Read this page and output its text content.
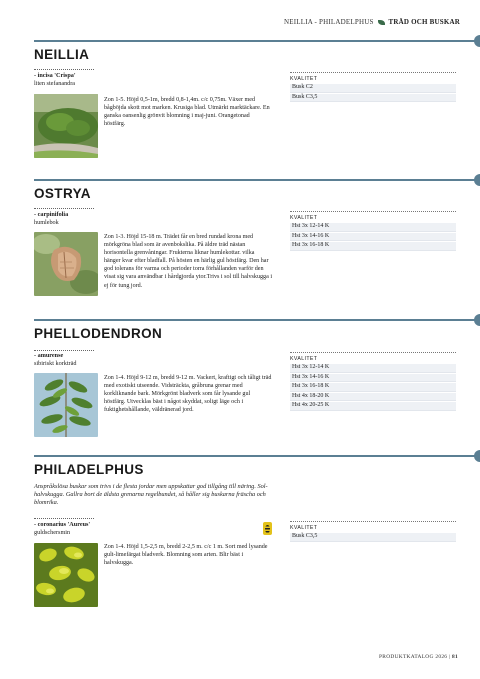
NEILLIA - PHILADELPHUS TRÄD OCH BUSKAR
NEILLIA
- incisa 'Crispa'
liten stefanandra
Zon 1-5. Höjd 0,5-1m, bredd 0,8-1,4m. c/c 0,75m. Växer med bågböjda skott mot marken. Krusiga blad. Utmärkt marktäckare. En ganska oansenlig grönvit blomning i maj-juni. Orangetonad höstfärg.
KVALITET
Busk C2
Busk C3,5
OSTRYA
- carpinifolia
humlebok
Zon 1-3. Höjd 15-18 m. Trädet får en bred rundad krona med mörkgröna blad som är avenbokslika. På äldre träd nästan horisontella grenvåningar. Frukterna liknar humlekottar. vilka hänger kvar efter bladfall. På hösten en härlig gul höstfärg. Den har god tolerans för varma och perioder torra förhållanden varför den visat sig vara användbar i hårdgjorda ytor.Trivs i sol till halvskugga i ej för tung jord.
KVALITET
Hst 3x 12-14 K
Hst 3x 14-16 K
Hst 3x 16-18 K
PHELLODENDRON
- amurense
sibiriskt korkträd
Zon 1-4. Höjd 9-12 m, bredd 9-12 m. Vackert, kraftigt och tåligt träd med exotiskt utseende. Vidsträckta, gråbruna grenar med korkliknande bark. Mörkgrönt bladverk som får lysande gul höstfärg. Utvecklas bäst i något skyddat, soligt läge och i fuktighetshållande, väldränerad jord.
KVALITET
Hst 3x 12-14 K
Hst 3x 14-16 K
Hst 3x 16-18 K
Hst 4x 18-20 K
Hst 4x 20-25 K
PHILADELPHUS
Anspråkslösa buskar som trivs i de flesta jordar men uppskattar god tillgång till näring. Sol-halvskugga. Gallra bort de äldsta grenarna regelbundet, så håller sig buskarna fräscha och blomrika.
- coronarius 'Aureus'
guldschersmin
Zon 1-4. Höjd 1,5-2,5 m, bredd 2-2,5 m. c/c 1 m. Sort med lysande gult-limefärgat bladverk. Blomning som arten. Blir bäst i halvskugga.
KVALITET
Busk C3,5
PRODUKTKATALOG 2026 | 81
